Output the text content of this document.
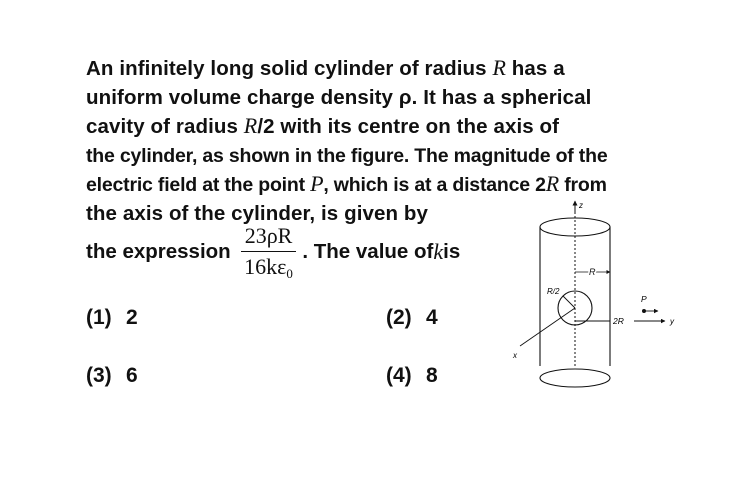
An infinitely long solid cylinder of radius R has a
uniform volume charge density ρ. It has a spherical
cavity of radius R/2 with its centre on the axis of
the cylinder, as shown in the figure. The magnitude of the
electric field at the point P, which is at a distance 2R from
the axis of the cylinder, is given by
the expression $\frac{23\rho R}{16k\varepsilon_0}$ . The value of k is
(1) 2	(2) 4
(3) 6	(4) 8
z
R
R/2
x
2R	y
P
